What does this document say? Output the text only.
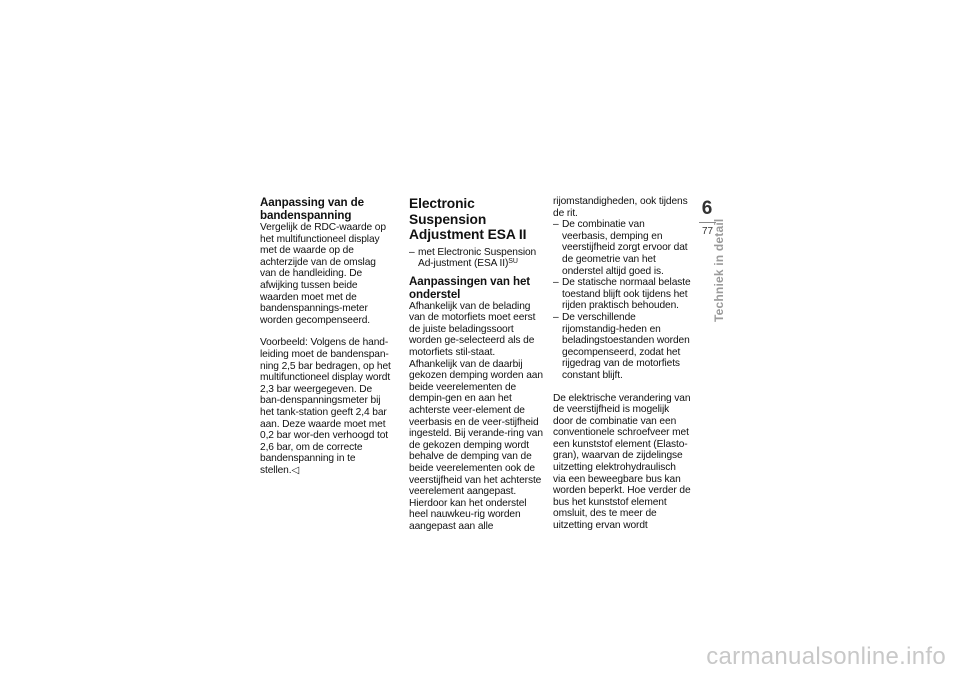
Aanpassing van de bandenspanning

Vergelijk de RDC-waarde op het multifunctioneel display met de waarde op de achterzijde van de omslag van de handleiding. De afwijking tussen beide waarden moet met de bandenspannings-meter worden gecompenseerd.

Voorbeeld: Volgens de hand-leiding moet de bandenspan-ning 2,5 bar bedragen, op het multifunctioneel display wordt 2,3 bar weergegeven. De ban-denspanningsmeter bij het tank-station geeft 2,4 bar aan. Deze waarde moet met 0,2 bar wor-den verhoogd tot 2,6 bar, om de correcte bandenspanning in te stellen.◁

Electronic Suspension Adjustment ESA II
– met Electronic Suspension Ad-justment (ESA II)$^{SU}$
Aanpassingen van het onderstel

Afhankelijk van de belading van de motorfiets moet eerst de juiste beladingssoort worden ge-selecteerd als de motorfiets stil-staat. Afhankelijk van de daarbij gekozen demping worden aan beide veerelementen de dempin-gen en aan het achterste veer-element de veerbasis en de veer-stijfheid ingesteld. Bij verande-ring van de gekozen demping wordt behalve de demping van de beide veerelementen ook de veerstijfheid van het achterste veerelement aangepast. Hierdoor kan het onderstel heel nauwkeu-rig worden aangepast aan alle

rijomstandigheden, ook tijdens de rit.

– De combinatie van veerbasis, demping en veerstijfheid zorgt ervoor dat de geometrie van het onderstel altijd goed is.
– De statische normaal belaste toestand blijft ook tijdens het rijden praktisch behouden.
– De verschillende rijomstandig-heden en beladingstoestanden worden gecompenseerd, zodat het rijgedrag van de motorfiets constant blijft.

De elektrische verandering van de veerstijfheid is mogelijk door de combinatie van een conventionele schroefveer met een kunststof element (Elasto-gran), waarvan de zijdelingse uitzetting elektrohydraulisch via een beweegbare bus kan worden beperkt. Hoe verder de bus het kunststof element omsluit, des te meer de uitzetting ervan wordt

6
77
Techniek in detail
carmanualsonline.info
